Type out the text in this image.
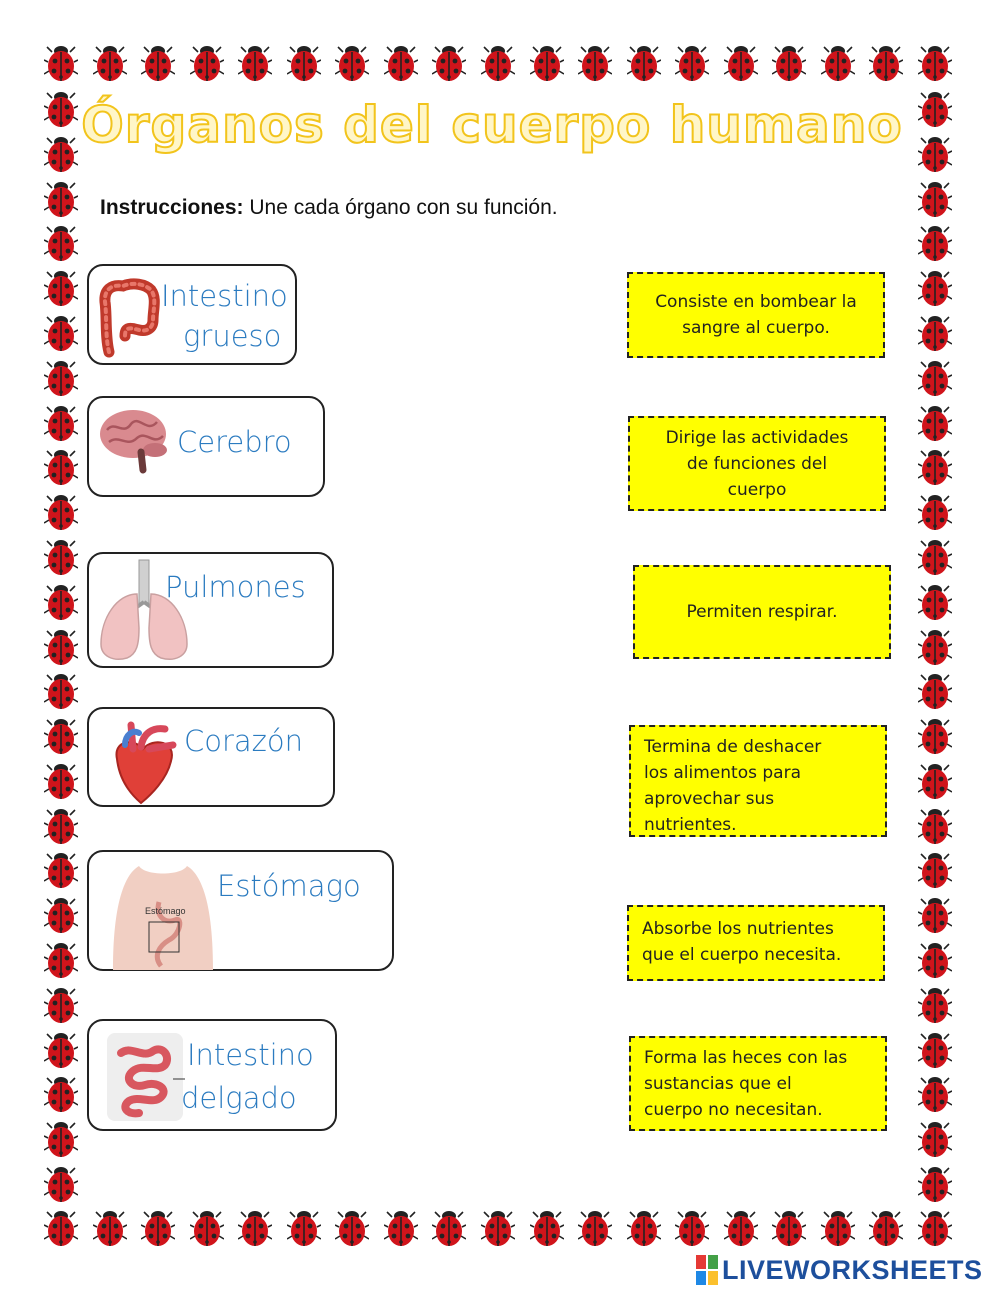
Órganos del cuerpo humano
Instrucciones: Une cada órgano con su función.
Intestino
grueso
Cerebro
Pulmones
Corazón
Estómago
Estómago
Intestino
delgado
Consiste en bombear la
sangre al cuerpo.
Dirige las actividades
de funciones del
cuerpo
Permiten respirar.
Termina de deshacer
los alimentos para
aprovechar sus
nutrientes.
Absorbe los nutrientes
que el cuerpo necesita.
Forma las heces con las
sustancias que el
cuerpo no necesitan.
LIVEWORKSHEETS
